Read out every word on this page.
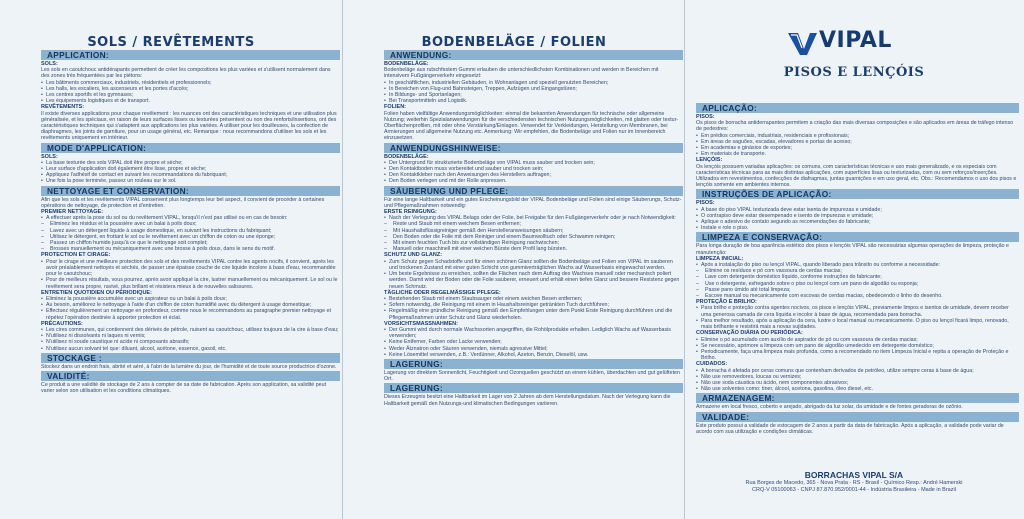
SOLS / REVÊTEMENTS
APPLICATION:

SOLS:

Les sols en caoutchouc antidérapants permettent de créer les compositions les plus variées et s'utilisent normalement dans des zones très fréquentées par les piétons:

• Les bâtiments commerciaux, industriels, résidentiels et professionnels;
• Les halls, les escaliers, les ascenseurs et les portes d'accès;
• Les centres sportifs et les gymnases;
• Les équipements logistiques et de transport.

REVÊTEMENTS:

Il existe diverses applications pour chaque revêtement : les nuances ont des caractéristiques techniques et une utilisation plus généralisée, et les spéciaux, en raison de leurs surfaces lisses ou texturées présentent ou non des renforts/insertions, ont des caractéristiques techniques qui s'adaptent aux applications les plus variées. A utiliser pour les douilleuses, la confection de diaphragmes, les joints de garniture, pour un usage général, etc. Remarque : nous recommandons d'utiliser les sols et les revêtements uniquement en intérieur.

MODE D'APPLICATION:

SOLS:

• La base texturée des sols VIPAL doit être propre et sèche;
• Leur surface d'application doit également être lisse, propre et sèche;
• Appliquez l'adhésif de contact en suivant les recommandations du fabriquant;
• Une fois la pose terminée, passez un rouleau sur le sol.
NETTOYAGE ET CONSERVATION:

Afin que les sols et les revêtements VIPAL conservent plus longtemps leur bel aspect, il convient de procéder à certaines opérations de nettoyage, de protection et d'entretien.

PREMIER NETTOYAGE:

• A effectuer après la pose du sol ou du revêtement VIPAL, lorsqu'il n'est pas utilisé ou en cas de besoin:
– Eliminez les résidus et la poussière avec un balai à poils doux;
– Lavez avec un détergent liquide à usage domestique, en suivant les instructions du fabriquant;
– Utilisez le détergent, en frottant le sol ou le revêtement avec un chiffon de coton ou une éponge;
– Passez un chiffon humide jusqu'à ce que le nettoyage soit complet;
– Brosses manuellement ou mécaniquement avec une brosse à poils doux, dans le sens du motif.

PROTECTION ET CIRAGE:

• Pour le cirage et une meilleure protection des sols et des revêtements VIPAL contre les agents nocifs, il convient, après les avoir préalablement nettoyés et séchés, de passer une épaisse couche de cire liquide incolore à base d'eau, recommandée pour le caoutchouc;
• Pour de meilleurs résultats, vous pourrez, après avoir appliqué la cire, lustrer manuellement ou mécaniquement. Le sol ou le revêtement sera propre, ravivé, plus brillant et résistera mieux à de nouvelles salissures.

ENTRETIEN QUOTIDIEN OU PÉRIODIQUE:

• Eliminez la poussière accumulée avec un aspirateur ou un balai à poils doux;
• Au besoin, améliorez le nettoyage à l'aide d'un chiffon de coton humidifié avec du détergent à usage domestique;
• Effectuez régulièrement un nettoyage en profondeur, comme nous le recommandons au paragraphe premier nettoyage et répétez l'opération destinée à apporter protection et éclat.

PRÉCAUTIONS:

• Les cires communes, qui contiennent des dérivés de pétrole, nuisent au caoutchouc, utilisez toujours de la cire à base d'eau;
• N'utilisez ni dissolvants ni laques ni vernis;
• N'utilisez ni soude caustique ni acide ni composants abrasifs;
• N'utilisez aucun solvant tel que: diluant, alcool, acétone, essence, gasoil, etc.
STOCKAGE :

Stockez dans un endroit frais, abrité et aéré, à l'abri de la lumière du jour, de l'humidité et de toute source productrice d'ozone.

VALIDITÉ:

Ce produit a une validité de stockage de 2 ans à compter de sa date de fabrication. Après son application, sa validité peut varier selon son utilisation et les conditions climatiques.

BODENBELÄGE / FOLIEN
ANWENDUNG:

BODENBELÄGE:

Bodenbeläge aus rutschfestem Gummi erlauben die unterschiedlichsten Kombinationen und werden in Bereichen mit intensivem Fußgängerverkehr eingesetzt:

• In geschäftlichen, industriellen Gebäuden, in Wohnanlagen und speziell genutzten Bereichen;
• In Bereichen von Flug-und Bahnsteigen, Treppen, Aufzügen und Eingangstüren;
• In Bildungs- und Sportanlagen;
• Bei Transportmitteln und Logistik.

FOLIEN:

Folien haben vielfältige Anwendungsmöglichkeiten: einmal die bekannten Anwendungen für technische oder allgemeine Nutzung; weiterhin Spezialanwendungen für die verschiedensten technischen Nutzungsmöglichkeiten, mit glatten oder textur-Oberflächenprofilen, mit oder ohne Verstärkung/Einlagen. Verwendet für Verkleidungen, Herstellung von Membranen, bei Armierungen und allgemeine Nutzung etc. Anmerkung: Wir empfehlen, die Bodenbeläge und Folien nur im Innenbereich einzusetzen.

ANWENDUNGSHINWEISE:

BODENBELÄGE:

• Der Untergrund für strukturierte Bodenbeläge von VIPAL muss sauber und trocken sein;
• Den Kontaktboden muss vorbereitet und sauber und trocken sein;
• Den Kontaktkleber nach den Anweisungen des Herstellers auftragen;
• Den Boden verlegen und mit der Rolle anpressen.
SÄUBERUNG UND PFLEGE:

Für eine lange Haltbarkeit und ein gutes Erscheinungsbild der VIPAL Bodenbeläge und Folien sind einige Säuberungs, Schutz-und Pflegemaßnahmen notwendig:

ERSTE REINIGUNG:

• Nach der Verlegung des VIPAL Belags oder der Folie, bei Freigabe für den Fußgängerverkehr oder je nach Notwendigkeit:
– Reste und Staub mit einem weichem Besen entfernen;
– Mit Haushaltsflüssigreiniger gemäß den Herstelleranweisungen säubern;
– Den Boden oder die Folie mit dem Reiniger und einem Baumwolltuch oder Schwamm reinigen;
– Mit einem feuchten Tuch bis zur vollständigen Reinigung nachwischen;
– Manuell oder maschinell mit einer weichen Bürste dem Profil lang bürsten.

SCHUTZ UND GLANZ:

• Zum Schutz gegen Schadstoffe und für einen schönen Glanz sollten die Bodenbeläge und Folien von VIPAL im sauberen und trockenen Zustand mit einer guten Schicht von gummiverträglichen Wachs auf Wasserbasis eingewachst werden.
• Um beste Ergebnisse zu erreichen, sollten die Flächen nach dem Auftrag des Wachses manuell oder mechanisch poliert werden. Damit wird der Boden oder die Folie sauberer, erneuert und erhält einen tiefen Glanz und bessere Resistenz gegen neuen Schmutz.

TÄGLICHE ODER REGELMÄSSIGE PFLEGE:

• Bestehenden Staub mit einem Staubsauger oder einem weichen Besen entfernen;
• Sofern notwendig, die Reinigung mit einem in Haushaltsreiniger getränkten Tuch durchführen;
• Regelmäßig eine gründliche Reinigung gemäß den Empfehlungen unter dem Punkt Erste Reinigung durchführen und die Pflegemaßnahmen unter Schutz und Glanz wiederholen.

VORSICHTSMASSNAHMEN:

• Der Gummi wird durch normale Wachssorten angegriffen, die Rohölprodukte erhalten. Lediglich Wachs auf Wasserbasis verwenden;
• Keine Entferner, Farben oder Lacke verwenden;
• Weder Ätznatron oder Säuren verwenden, niemals agressive Mittel;
• Keine Lösemittel verwenden, z.B.: Verdünner, Alkohol, Azeton, Benzin, Dieselöl, usw.
LAGERUNG:

Lagerung vor direktem Sonnenlicht, Feuchtigkeit und Ozonquellen geschützt an einem kühlen, überdachten und gut gelüfteten Ort.

LAGERUNG:

Dieses Erzeugnis besitzt eine Haltbarkeit im Lager von 2 Jahren ab dem Herstellungsdatum. Nach der Verlegung kann die Haltbarkeit gemäß den Nutzungs-und klimatischen Bedingungen variieren.

APLICAÇÃO:

PISOS:

Os pisos de borracha antiderrapantes permitem a criação das mais diversas composições e são aplicados em áreas de tráfego intenso de pedestres:

• Em prédios comerciais, industriais, residenciais e profissionais;
• Em áreas de saguões, escadas, elevadores e portas de acesso;
• Em academias e ginásios de esportes;
• Em materiais de transporte.

LENÇÓIS:

Os lençóis possuem variadas aplicações: os comuns, com características técnicas e uso mais generalizado, e os especiais com características técnicas para as mais distintas aplicações, com superfícies lisas ou texturizadas, com ou sem reforços/inserções. Utilizados em revestimentos, confecções de diafragmas, juntas guarnições e em uso geral, etc. Obs.: Recomendamos o uso dos pisos e lençóis somente em ambientes internos.

INSTRUÇÕES DE APLICAÇÃO:

PISOS:

• A base do piso VIPAL texturizada deve estar isenta de impurezas e umidade;
• O contrapiso deve estar desempenado e isento de impurezas e umidade;
• Aplique o adesivo de contato segundo as recomendações do fabricante;
• Instale e role o piso.
LIMPEZA E CONSERVAÇÃO:

Para longa duração de boa aparência estético dos pisos e lençóis VIPAL são necessárias algumas operações de limpeza, proteção e manutenção:

LIMPEZA INICIAL:

• Após a instalação do piso ou lençol VIPAL, quando liberado para trânsito ou conforme a necessidade:
– Elimine os resíduos e pó com vassoura de cerdas macias;
– Lave com detergente doméstico líquido, conforme instruções do fabricante;
– Use o detergente, esfregando sobre o piso ou lençol com um pano de algodão ou esponja;
– Passe pano úmido até total limpeza;
– Escove manual ou mecanicamente com escovas de cerdas macias, obedecendo o linho do desenho.

PROTEÇÃO E BRILHO:

• Para brilho e proteção contra agentes nocivos, os pisos e lençóis VIPAL, previamente limpos e isentos de umidade, devem receber uma generosa camada de cera líquida e incolor à base de água, recomendada para borracha.
• Para melhor resultado, após a aplicação da cera, lustre o local manual ou mecanicamente. O piso ou lençol ficará limpo, renovado, mais brilhante e resistirá mais a novas sujidades.

CONSERVAÇÃO DIÁRIA OU PERIÓDICA:

• Elimine o pó acumulado com auxílio de aspirador de pó ou com vassoura de cerdas macias;
• Se necessário, aprimore a limpeza com um pano de algodão umedecido em detergente doméstico;
• Periodicamente, faça uma limpeza mais profunda, como a recomendado no item Limpeza Inicial e repita a operação de Proteção e Brilho.

CUIDADOS:

• A borracha é afetada por ceras comuns que contenham derivados de petróleo, utilize sempre ceras à base de água;
• Não use removedores, loucas ou vernizes;
• Não use soda cáustica ou ácido, nem componentes abrasivos;
• Não use solventes como: tiner, álcool, acetona, gasolina, óleo diesel, etc.
ARMAZENAGEM:

Armazene em local fresco, coberto e arejado, abrigado da luz solar, da umidade e de fontes geradoras de ozônio.

VALIDADE:

Este produto possui a validade de estocagem de 2 anos a partir da data de fabricação. Após a aplicação, a validade pode variar de acordo com sua utilização e condições climáticas.

VIPAL
PISOS E LENÇÓIS
BORRACHAS VIPAL S/A
Rua Borges de Macedo, 365 - Nova Prata - RS - Brasil - Químico Resp.: André Hamerski
CRQ-V 05100063 - CNPJ 87.870.952/0001-44 - Indústria Brasileira - Made in Brazil
